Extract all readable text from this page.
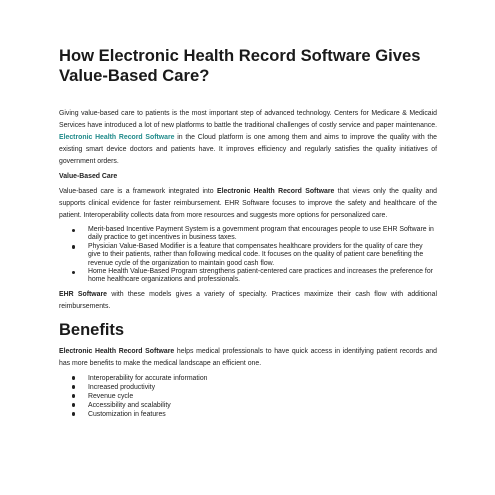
How Electronic Health Record Software Gives Value-Based Care?

Giving value-based care to patients is the most important step of advanced technology. Centers for Medicare & Medicaid Services have introduced a lot of new platforms to battle the traditional challenges of costly service and paper maintenance. Electronic Health Record Software in the Cloud platform is one among them and aims to improve the quality with the existing smart device doctors and patients have. It improves efficiency and regularly satisfies the quality initiatives of government orders.

Value-Based Care

Value-based care is a framework integrated into Electronic Health Record Software that views only the quality and supports clinical evidence for faster reimbursement. EHR Software focuses to improve the safety and healthcare of the patient. Interoperability collects data from more resources and suggests more options for personalized care.

Merit-based Incentive Payment System is a government program that encourages people to use EHR Software in daily practice to get incentives in business taxes.
Physician Value-Based Modifier is a feature that compensates healthcare providers for the quality of care they give to their patients, rather than following medical code. It focuses on the quality of patient care benefiting the revenue cycle of the organization to maintain good cash flow.
Home Health Value-Based Program strengthens patient-centered care practices and increases the preference for home healthcare organizations and professionals.

EHR Software with these models gives a variety of specialty. Practices maximize their cash flow with additional reimbursements.

Benefits

Electronic Health Record Software helps medical professionals to have quick access in identifying patient records and has more benefits to make the medical landscape an efficient one.

Interoperability for accurate information
Increased productivity
Revenue cycle
Accessibility and scalability
Customization in features
